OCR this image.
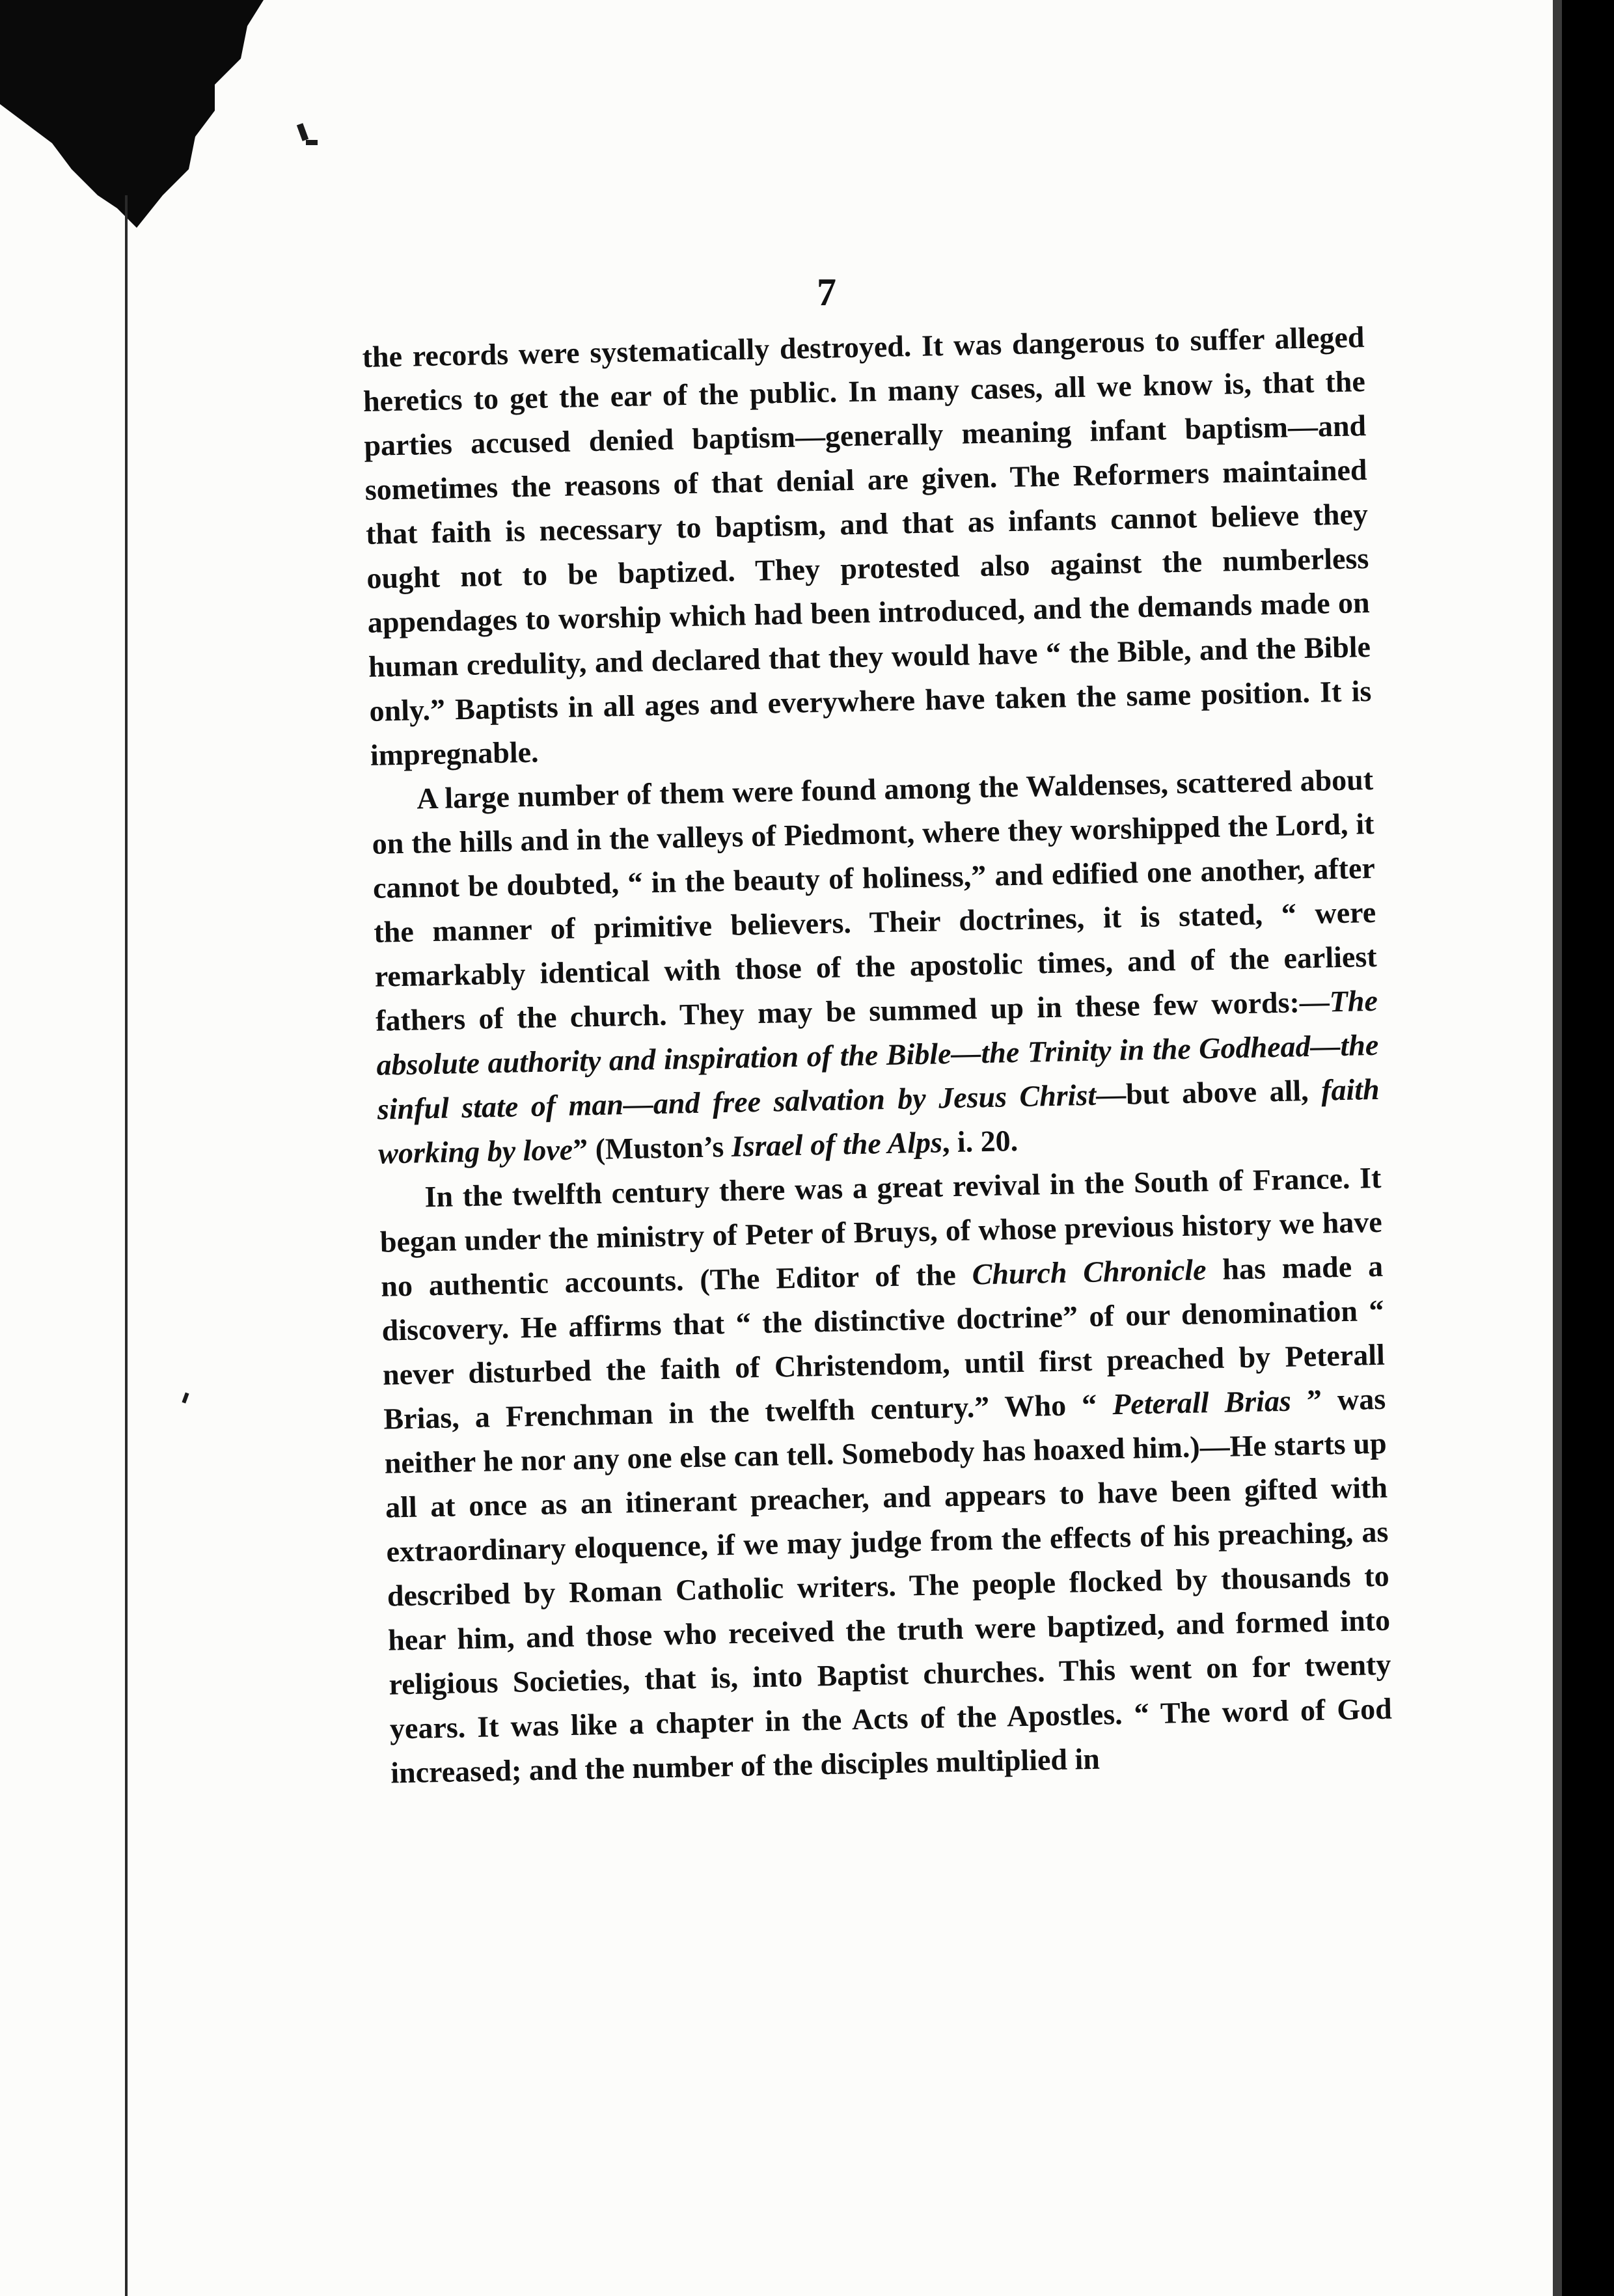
7

the records were systematically destroyed. It was dangerous to suffer alleged heretics to get the ear of the public. In many cases, all we know is, that the parties accused denied baptism—generally meaning infant baptism—and sometimes the reasons of that denial are given. The Reformers maintained that faith is necessary to baptism, and that as infants cannot believe they ought not to be baptized. They protested also against the numberless appendages to worship which had been introduced, and the demands made on human credulity, and declared that they would have “ the Bible, and the Bible only.” Baptists in all ages and everywhere have taken the same position. It is impregnable.

A large number of them were found among the Waldenses, scattered about on the hills and in the valleys of Piedmont, where they worshipped the Lord, it cannot be doubted, “ in the beauty of holiness,” and edified one another, after the manner of primitive believers. Their doctrines, it is stated, “ were remarkably identical with those of the apostolic times, and of the earliest fathers of the church. They may be summed up in these few words:—The absolute authority and inspiration of the Bible—the Trinity in the Godhead—the sinful state of man—and free salvation by Jesus Christ—but above all, faith working by love” (Muston’s Israel of the Alps, i. 20.

In the twelfth century there was a great revival in the South of France. It began under the ministry of Peter of Bruys, of whose previous history we have no authentic accounts. (The Editor of the Church Chronicle has made a discovery. He affirms that “ the distinctive doctrine” of our denomination “ never disturbed the faith of Christendom, until first preached by Peterall Brias, a Frenchman in the twelfth century.” Who “ Peterall Brias ” was neither he nor any one else can tell. Somebody has hoaxed him.)—He starts up all at once as an itinerant preacher, and appears to have been gifted with extraordinary eloquence, if we may judge from the effects of his preaching, as described by Roman Catholic writers. The people flocked by thousands to hear him, and those who received the truth were baptized, and formed into religious Societies, that is, into Baptist churches. This went on for twenty years. It was like a chapter in the Acts of the Apostles. “ The word of God increased; and the number of the disciples multiplied in
